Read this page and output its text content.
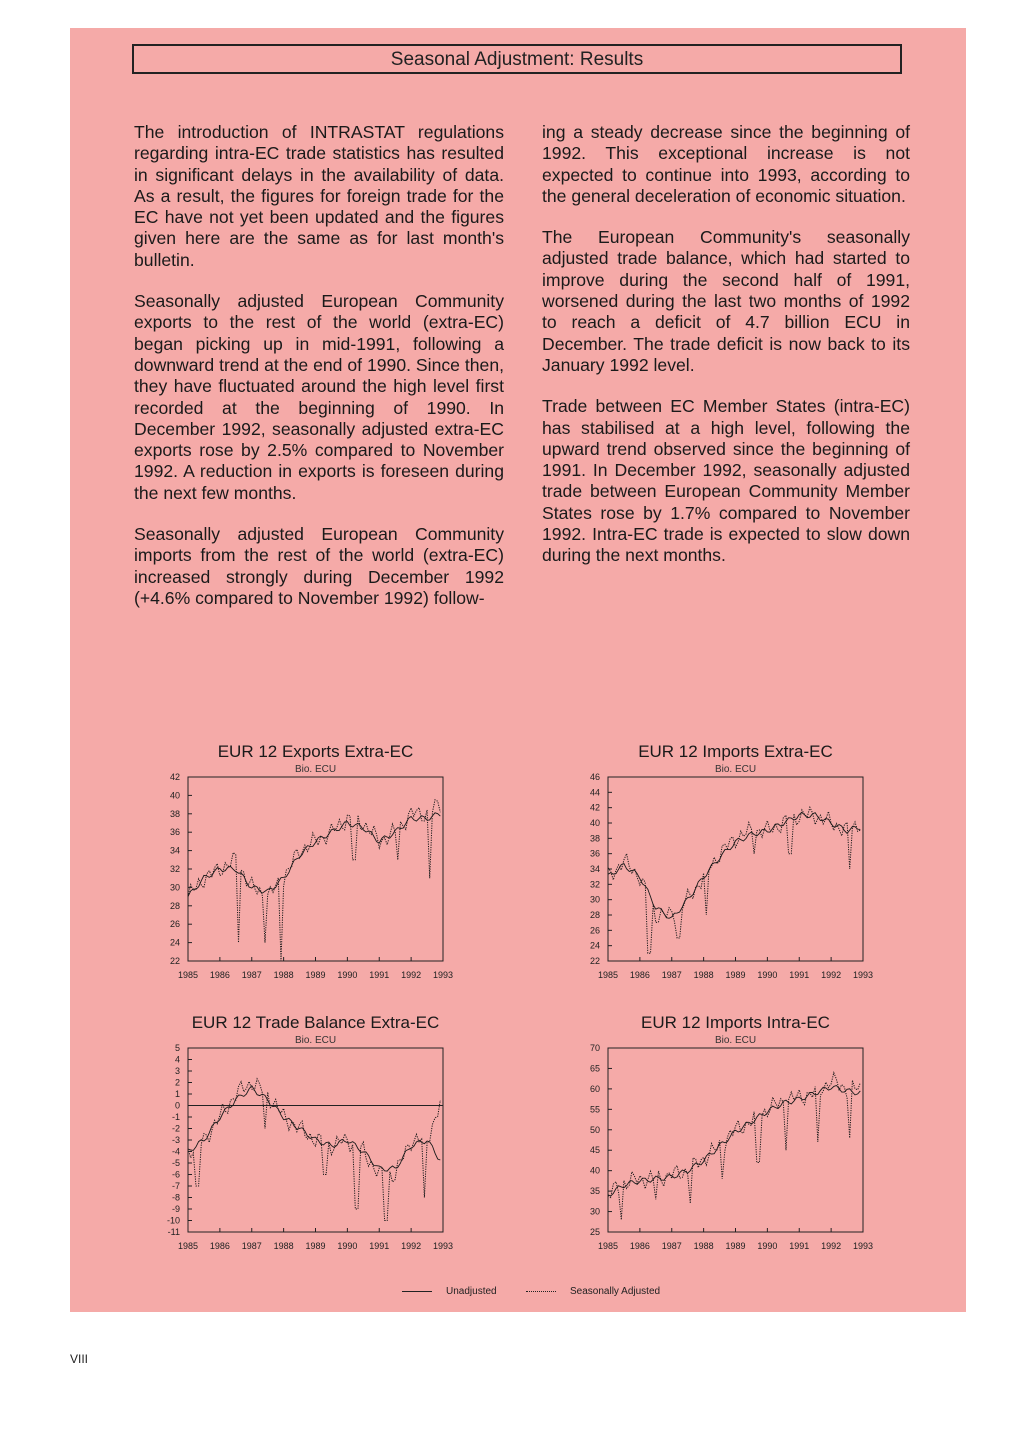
Seasonal Adjustment: Results

The introduction of INTRASTAT regulations regarding intra-EC trade statistics has resulted in significant delays in the availability of data. As a result, the figures for foreign trade for the EC have not yet been updated and the figures given here are the same as for last month's bulletin.

Seasonally adjusted European Community exports to the rest of the world (extra-EC) began picking up in mid-1991, following a downward trend at the end of 1990. Since then, they have fluctuated around the high level first recorded at the beginning of 1990. In December 1992, seasonally adjusted extra-EC exports rose by 2.5% compared to November 1992. A reduction in exports is foreseen during the next few months.

Seasonally adjusted European Community imports from the rest of the world (extra-EC) increased strongly during December 1992 (+4.6% compared to November 1992) follow-

ing a steady decrease since the beginning of 1992. This exceptional increase is not expected to continue into 1993, according to the general deceleration of economic situation.

The European Community's seasonally adjusted trade balance, which had started to improve during the second half of 1991, worsened during the last two months of 1992 to reach a deficit of 4.7 billion ECU in December. The trade deficit is now back to its January 1992 level.

Trade between EC Member States (intra-EC) has stabilised at a high level, following the upward trend observed since the beginning of 1991. In December 1992, seasonally adjusted trade between European Community Member States rose by 1.7% compared to November 1992. Intra-EC trade is expected to slow down during the next months.

EUR 12 Exports Extra-EC
Bio. ECU
22
24
26
28
30
32
34
36
38
40
42
1985 1986 1987 1988 1989 1990 1991 1992 1993
EUR 12 Imports Extra-EC
Bio. ECU
22
24
26
28
30
32
34
36
38
40
42
44
46
1985 1986 1987 1988 1989 1990 1991 1992 1993
EUR 12 Trade Balance Extra-EC
Bio. ECU
-11
-10
-9
-8
-7
-6
-5
-4
-3
-2
-1
0
1
2
3
4
5
1985 1986 1987 1988 1989 1990 1991 1992 1993
EUR 12 Imports Intra-EC
Bio. ECU
25
30
35
40
45
50
55
60
65
70
1985 1986 1987 1988 1989 1990 1991 1992 1993
Unadjusted	Seasonally Adjusted
VIII
